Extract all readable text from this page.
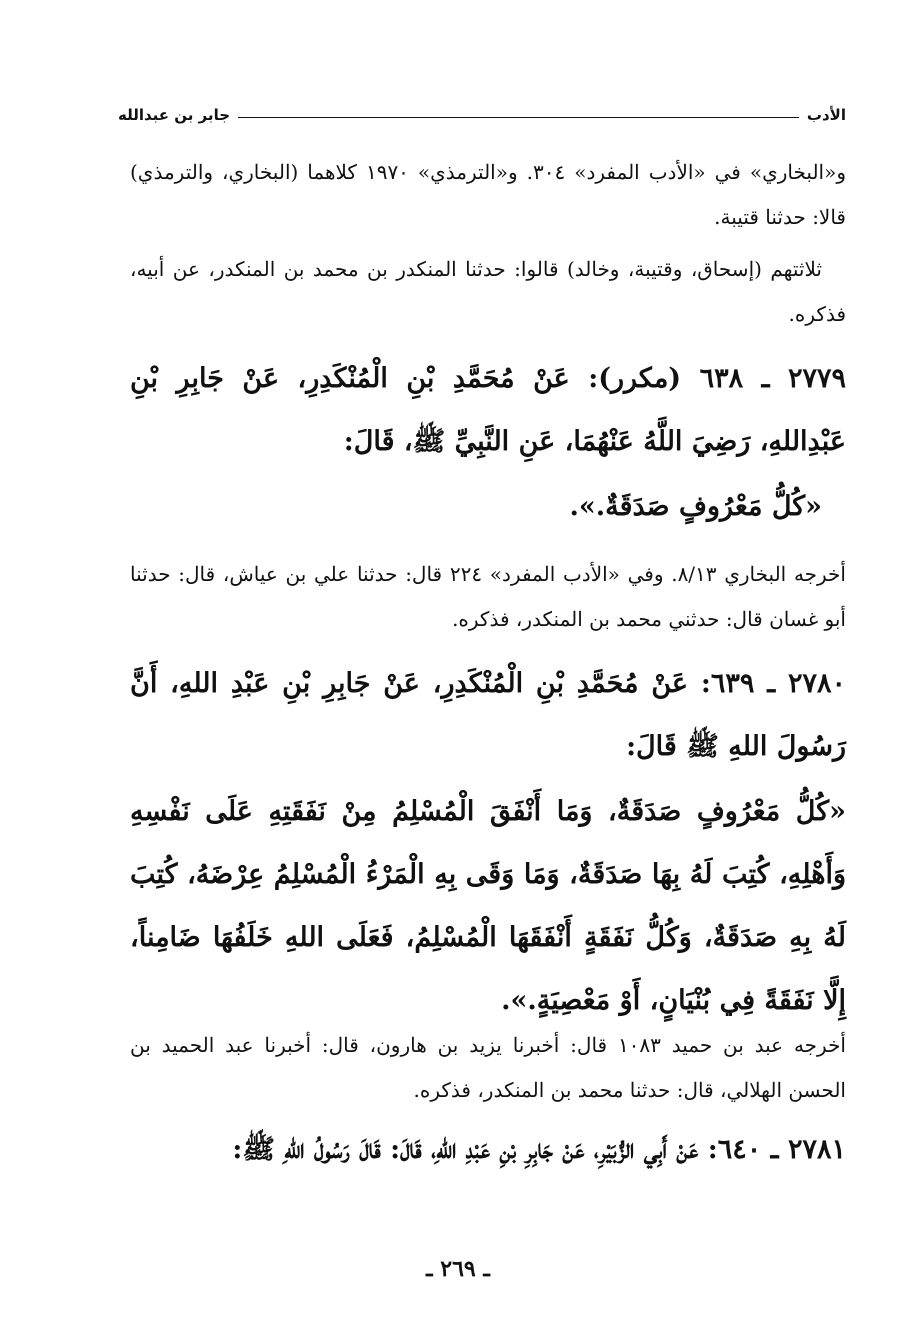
الأدب
جابر بن عبدالله
و«البخاري» في «الأدب المفرد» ٣٠٤. و«الترمذي» ١٩٧٠ كلاهما (البخاري، والترمذي) قالا: حدثنا قتيبة.
ثلاثتهم (إسحاق، وقتيبة، وخالد) قالوا: حدثنا المنكدر بن محمد بن المنكدر، عن أبيه، فذكره.
٢٧٧٩ ـ ٦٣٨ (مكرر): عَنْ مُحَمَّدِ بْنِ الْمُنْكَدِرِ، عَنْ جَابِرِ بْنِ عَبْدِاللهِ، رَضِيَ اللَّهُ عَنْهُمَا، عَنِ النَّبِيِّ ﷺ، قَالَ:
«كُلُّ مَعْرُوفٍ صَدَقَةٌ.».
أخرجه البخاري ٨/١٣. وفي «الأدب المفرد» ٢٢٤ قال: حدثنا علي بن عياش، قال: حدثنا أبو غسان قال: حدثني محمد بن المنكدر، فذكره.
٢٧٨٠ ـ ٦٣٩: عَنْ مُحَمَّدِ بْنِ الْمُنْكَدِرِ، عَنْ جَابِرِ بْنِ عَبْدِ اللهِ، أَنَّ رَسُولَ اللهِ ﷺ قَالَ:
«كُلُّ مَعْرُوفٍ صَدَقَةٌ، وَمَا أَنْفَقَ الْمُسْلِمُ مِنْ نَفَقَتِهِ عَلَى نَفْسِهِ وَأَهْلِهِ، كُتِبَ لَهُ بِهَا صَدَقَةٌ، وَمَا وَقَى بِهِ الْمَرْءُ الْمُسْلِمُ عِرْضَهُ، كُتِبَ لَهُ بِهِ صَدَقَةٌ، وَكُلُّ نَفَقَةٍ أَنْفَقَهَا الْمُسْلِمُ، فَعَلَى اللهِ خَلَفُهَا ضَامِناً، إِلَّا نَفَقَةً فِي بُنْيَانٍ، أَوْ مَعْصِيَةٍ.».
أخرجه عبد بن حميد ١٠٨٣ قال: أخبرنا يزيد بن هارون، قال: أخبرنا عبد الحميد بن الحسن الهلالي، قال: حدثنا محمد بن المنكدر، فذكره.
٢٧٨١ ـ ٦٤٠: عَنْ أَبِي الزُّبَيْرِ، عَنْ جَابِرِ بْنِ عَبْدِ اللهِ، قَالَ: قَالَ رَسُولُ اللهِ ﷺ:
ـ ٢٦٩ ـ
